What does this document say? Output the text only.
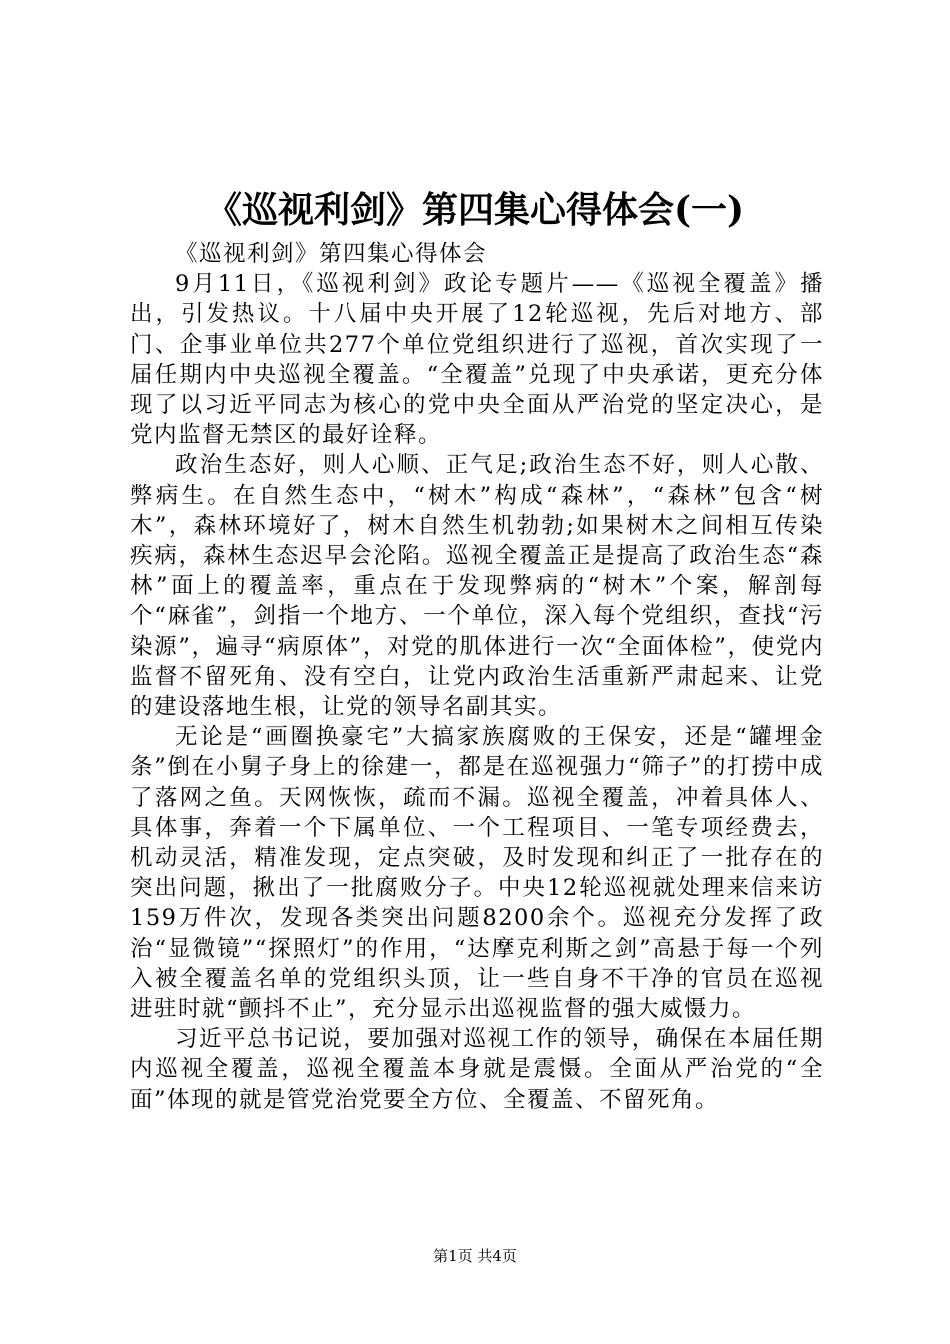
《巡视利剑》第四集心得体会(一)

《巡视利剑》第四集心得体会

9月11日，《巡视利剑》政论专题片——《巡视全覆盖》播出，引发热议。十八届中央开展了12轮巡视，先后对地方、部门、企事业单位共277个单位党组织进行了巡视，首次实现了一届任期内中央巡视全覆盖。“全覆盖”兑现了中央承诺，更充分体现了以习近平同志为核心的党中央全面从严治党的坚定决心，是党内监督无禁区的最好诠释。

政治生态好，则人心顺、正气足;政治生态不好，则人心散、弊病生。在自然生态中，“树木”构成“森林”，“森林”包含“树木”，森林环境好了，树木自然生机勃勃;如果树木之间相互传染疾病，森林生态迟早会沦陷。巡视全覆盖正是提高了政治生态“森林”面上的覆盖率，重点在于发现弊病的“树木”个案，解剖每个“麻雀”，剑指一个地方、一个单位，深入每个党组织，查找“污染源”，遍寻“病原体”，对党的肌体进行一次“全面体检”，使党内监督不留死角、没有空白，让党内政治生活重新严肃起来、让党的建设落地生根，让党的领导名副其实。

无论是“画圈换豪宅”大搞家族腐败的王保安，还是“罐埋金条”倒在小舅子身上的徐建一，都是在巡视强力“筛子”的打捞中成了落网之鱼。天网恢恢，疏而不漏。巡视全覆盖，冲着具体人、具体事，奔着一个下属单位、一个工程项目、一笔专项经费去，机动灵活，精准发现，定点突破，及时发现和纠正了一批存在的突出问题，揪出了一批腐败分子。中央12轮巡视就处理来信来访159万件次，发现各类突出问题8200余个。巡视充分发挥了政治“显微镜”“探照灯”的作用，“达摩克利斯之剑”高悬于每一个列入被全覆盖名单的党组织头顶，让一些自身不干净的官员在巡视进驻时就“颤抖不止”，充分显示出巡视监督的强大威慑力。

习近平总书记说，要加强对巡视工作的领导，确保在本届任期内巡视全覆盖，巡视全覆盖本身就是震慑。全面从严治党的“全面”体现的就是管党治党要全方位、全覆盖、不留死角。

第1页 共4页
